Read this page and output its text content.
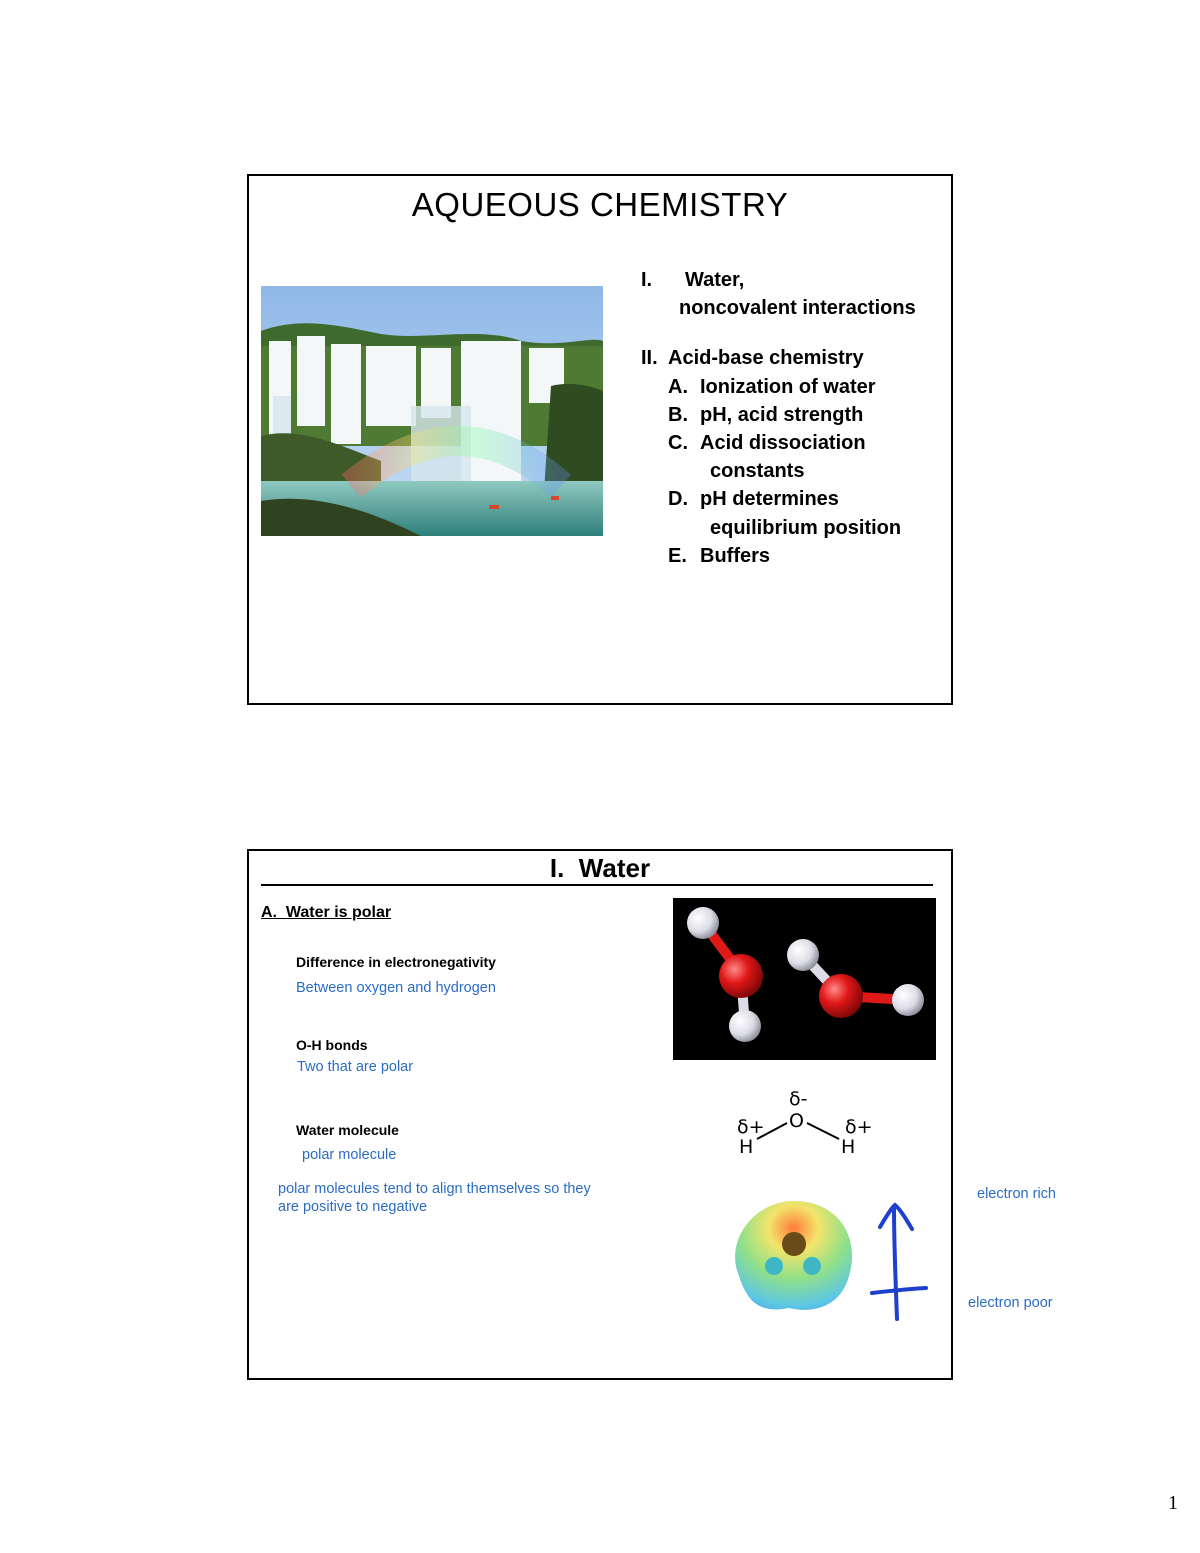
AQUEOUS CHEMISTRY
I. Water,
noncovalent interactions
II. Acid-base chemistry
A. Ionization of water
B. pH, acid strength
C. Acid dissociation
constants
D. pH determines
equilibrium position
E. Buffers
I.  Water
A.  Water is polar
Difference in electronegativity
Between oxygen and hydrogen
O-H bonds
Two that are polar
Water molecule
polar molecule
polar molecules tend to align themselves so they
are positive to negative
δ-
O
δ+
H
δ+
H
electron rich
electron poor
1
